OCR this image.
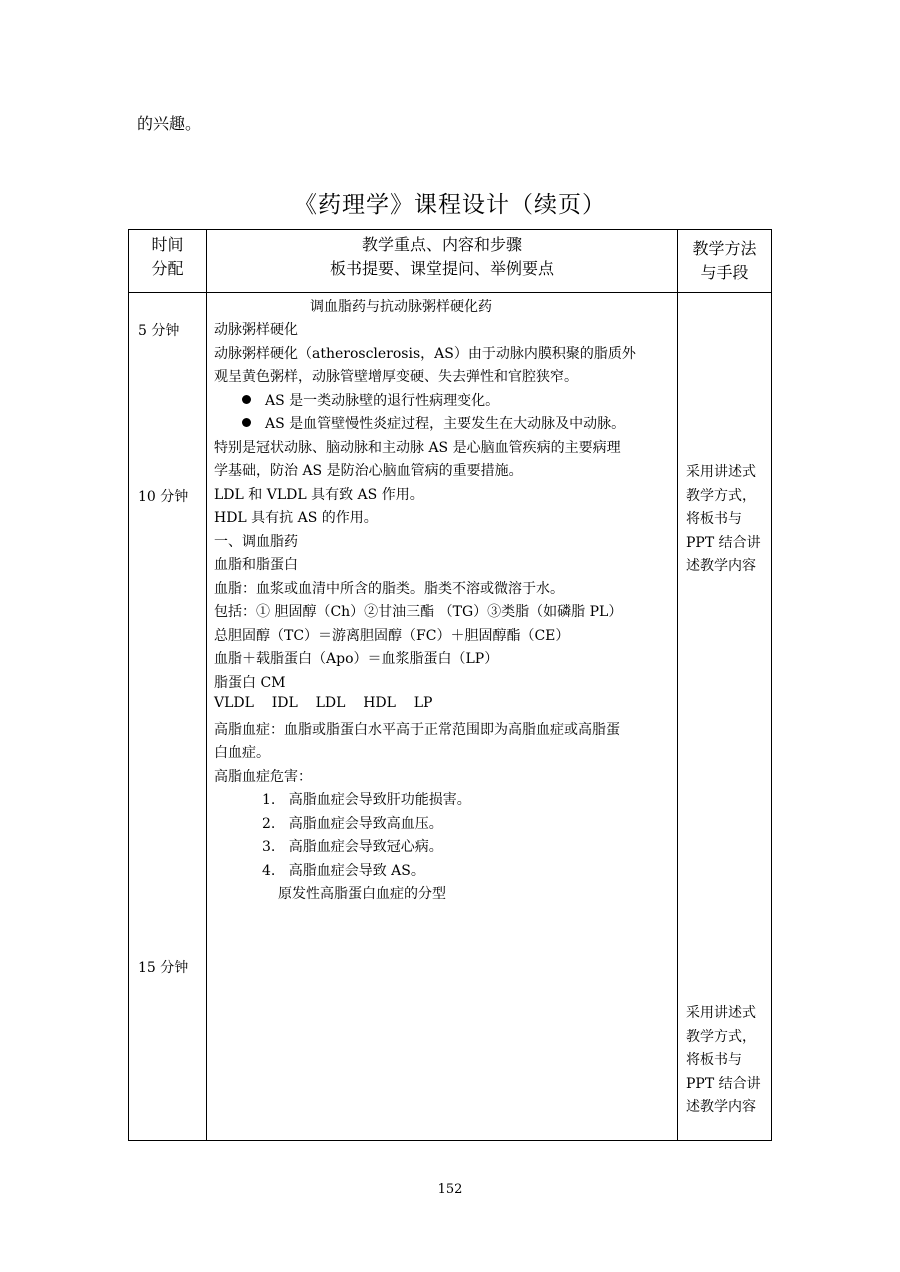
的兴趣。
《药理学》课程设计（续页）
时间
分配
教学重点、内容和步骤
板书提要、课堂提问、举例要点
教学方法
与手段
5 分钟
10 分钟
15 分钟
调血脂药与抗动脉粥样硬化药
动脉粥样硬化
动脉粥样硬化（atherosclerosis，AS）由于动脉内膜积聚的脂质外
观呈黄色粥样，动脉管壁增厚变硬、失去弹性和官腔狭窄。
AS 是一类动脉壁的退行性病理变化。
AS 是血管壁慢性炎症过程，主要发生在大动脉及中动脉。
特别是冠状动脉、脑动脉和主动脉 AS 是心脑血管疾病的主要病理
学基础，防治 AS 是防治心脑血管病的重要措施。
LDL 和 VLDL 具有致 AS 作用。
HDL 具有抗 AS 的作用。
一、调血脂药
血脂和脂蛋白
血脂：血浆或血清中所含的脂类。脂类不溶或微溶于水。
包括：① 胆固醇（Ch）②甘油三酯 （TG）③类脂（如磷脂 PL）
总胆固醇（TC）＝游离胆固醇（FC）＋胆固醇酯（CE）
血脂＋载脂蛋白（Apo）＝血浆脂蛋白（LP）
脂蛋白 CM
VLDL    IDL    LDL    HDL    LP
高脂血症：血脂或脂蛋白水平高于正常范围即为高脂血症或高脂蛋
白血症。
高脂血症危害：
1.   高脂血症会导致肝功能损害。
2.   高脂血症会导致高血压。
3.   高脂血症会导致冠心病。
4.   高脂血症会导致 AS。
原发性高脂蛋白血症的分型
采用讲述式
教学方式，
将板书与
PPT 结合讲
述教学内容
采用讲述式
教学方式，
将板书与
PPT 结合讲
述教学内容
152
